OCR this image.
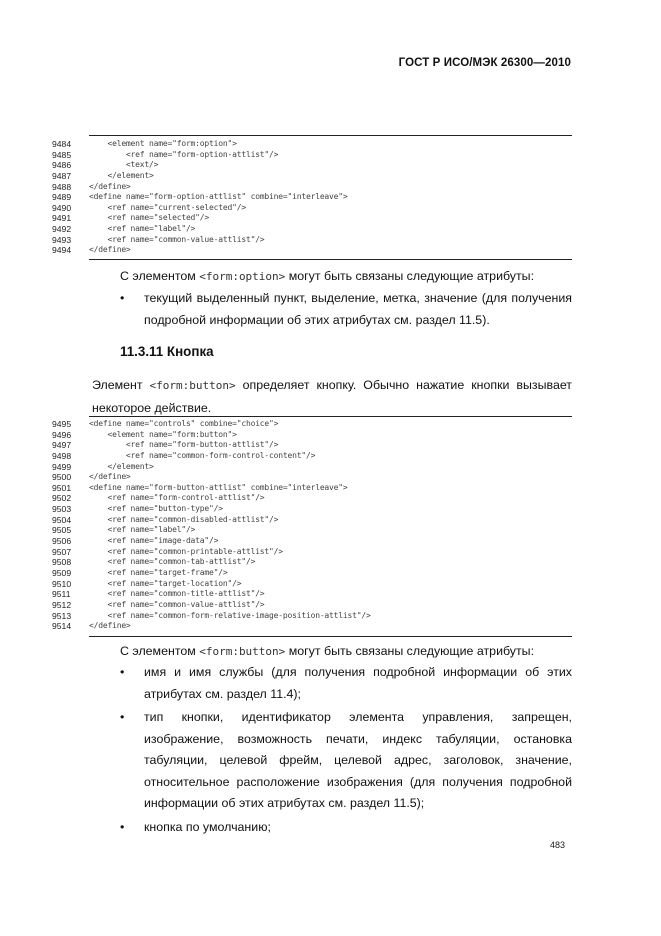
ГОСТ Р ИСО/МЭК 26300—2010
9484	<element name="form:option">
9485	<ref name="form-option-attlist"/>
9486	<text/>
9487	</element>
9488	</define>
9489	<define name="form-option-attlist" combine="interleave">
9490	<ref name="current-selected"/>
9491	<ref name="selected"/>
9492	<ref name="label"/>
9493	<ref name="common-value-attlist"/>
9494	</define>
С элементом <form:option> могут быть связаны следующие атрибуты:
• текущий выделенный пункт, выделение, метка, значение (для получения подробной информации об этих атрибутах см. раздел 11.5).
11.3.11 Кнопка
Элемент <form:button> определяет кнопку. Обычно нажатие кнопки вызывает некоторое действие.
9495	<define name="controls" combine="choice">
9496	<element name="form:button">
9497	<ref name="form-button-attlist"/>
9498	<ref name="common-form-control-content"/>
9499	</element>
9500	</define>
9501	<define name="form-button-attlist" combine="interleave">
9502	<ref name="form-control-attlist"/>
9503	<ref name="button-type"/>
9504	<ref name="common-disabled-attlist"/>
9505	<ref name="label"/>
9506	<ref name="image-data"/>
9507	<ref name="common-printable-attlist"/>
9508	<ref name="common-tab-attlist"/>
9509	<ref name="target-frame"/>
9510	<ref name="target-location"/>
9511	<ref name="common-title-attlist"/>
9512	<ref name="common-value-attlist"/>
9513	<ref name="common-form-relative-image-position-attlist"/>
9514	</define>
С элементом <form:button> могут быть связаны следующие атрибуты:
• имя и имя службы (для получения подробной информации об этих атрибутах см. раздел 11.4);
• тип кнопки, идентификатор элемента управления, запрещен, изображение, возможность печати, индекс табуляции, остановка табуляции, целевой фрейм, целевой адрес, заголовок, значение, относительное расположение изображения (для получения подробной информации об этих атрибутах см. раздел 11.5);
• кнопка по умолчанию;
483
